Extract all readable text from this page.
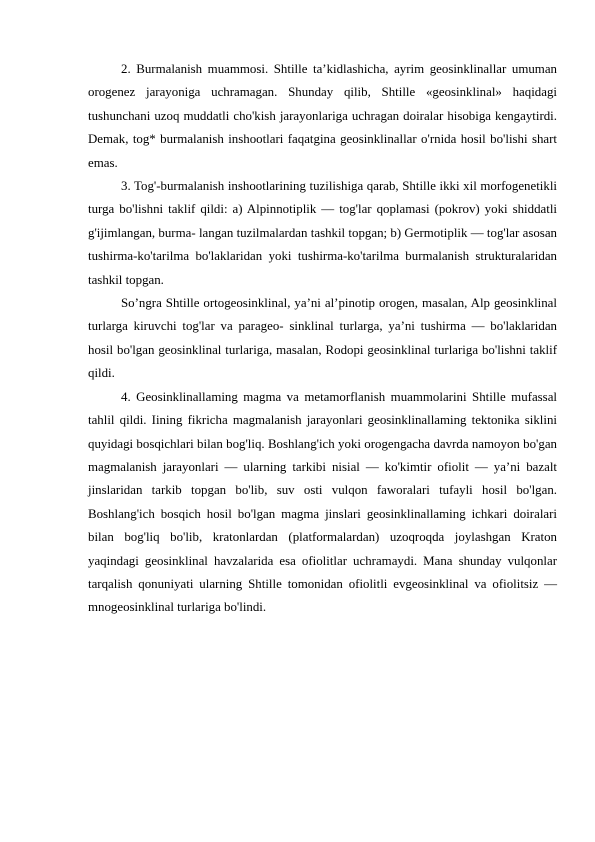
2. Burmalanish muammosi. Shtille ta’kidlashicha, ayrim geosinklinallar umuman orogenez jarayoniga uchramagan. Shunday qilib, Shtille «geosinklinal» haqidagi tushunchani uzoq muddatli cho'kish jarayonlariga uchragan doiralar hisobiga kengaytirdi. Demak, tog* burmalanish inshootlari faqatgina geosinklinallar o'rnida hosil bo'lishi shart emas.

3. Tog'-burmalanish inshootlarining tuzilishiga qarab, Shtille ikki xil morfogenetikli turga bo'lishni taklif qildi: a) Alpinnotiplik — tog'lar qoplamasi (pokrov) yoki shiddatli g'ijimlangan, burma- langan tuzilmalardan tashkil topgan; b) Germotiplik — tog'lar asosan tushirma-ko'tarilma bo'laklaridan yoki tushirma-ko'tarilma burmalanish strukturalaridan tashkil topgan.

So’ngra Shtille ortogeosinklinal, ya’ni al’pinotip orogen, masalan, Alp geosinklinal turlarga kiruvchi tog'lar va parageo- sinklinal turlarga, ya’ni tushirma — bo'laklaridan hosil bo'lgan geosinklinal turlariga, masalan, Rodopi geosinklinal turlariga bo'lishni taklif qildi.

4. Geosinklinallaming magma va metamorflanish muammolarini Shtille mufassal tahlil qildi. Iining fikricha magmalanish jarayonlari geosinklinallaming tektonika siklini quyidagi bosqichlari bilan bog'liq. Boshlang'ich yoki orogengacha davrda namoyon bo'gan magmalanish jarayonlari — ularning tarkibi nisial — ko'kimtir ofiolit — ya’ni bazalt jinslaridan tarkib topgan bo'lib, suv osti vulqon faworalari tufayli hosil bo'lgan. Boshlang'ich bosqich hosil bo'lgan magma jinslari geosinklinallaming ichkari doiralari bilan bog'liq bo'lib, kratonlardan (platformalardan) uzoqroqda joylashgan Kraton yaqindagi geosinklinal havzalarida esa ofiolitlar uchramaydi. Mana shunday vulqonlar tarqalish qonuniyati ularning Shtille tomonidan ofiolitli evgeosinklinal va ofiolitsiz — mnogeosinklinal turlariga bo'lindi.
